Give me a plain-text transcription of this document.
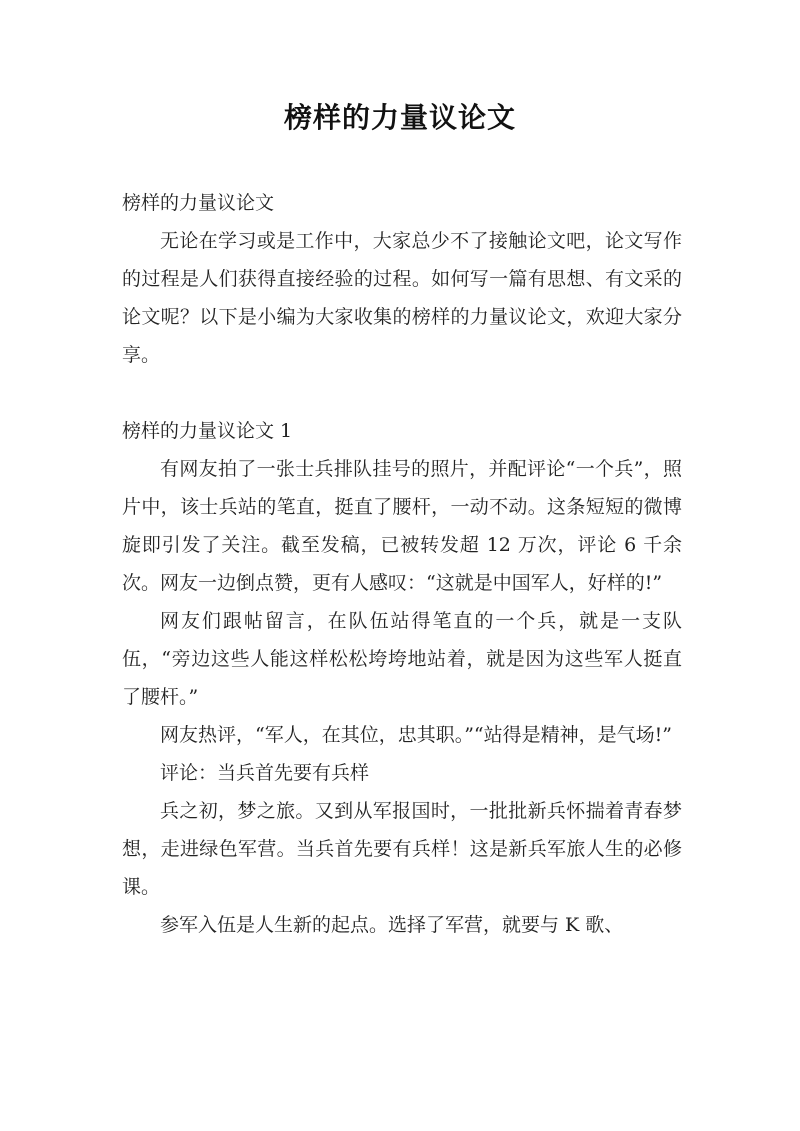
榜样的力量议论文

榜样的力量议论文

无论在学习或是工作中，大家总少不了接触论文吧，论文写作的过程是人们获得直接经验的过程。如何写一篇有思想、有文采的论文呢？以下是小编为大家收集的榜样的力量议论文，欢迎大家分享。

榜样的力量议论文 1

有网友拍了一张士兵排队挂号的照片，并配评论“一个兵”，照片中，该士兵站的笔直，挺直了腰杆，一动不动。这条短短的微博旋即引发了关注。截至发稿，已被转发超 12 万次，评论 6 千余次。网友一边倒点赞，更有人感叹：“这就是中国军人，好样的!”

网友们跟帖留言，在队伍站得笔直的一个兵，就是一支队伍，“旁边这些人能这样松松垮垮地站着，就是因为这些军人挺直了腰杆。”

网友热评，“军人，在其位，忠其职。”“站得是精神，是气场!”

评论：当兵首先要有兵样

兵之初，梦之旅。又到从军报国时，一批批新兵怀揣着青春梦想，走进绿色军营。当兵首先要有兵样！这是新兵军旅人生的必修课。

参军入伍是人生新的起点。选择了军营，就要与 K 歌、
